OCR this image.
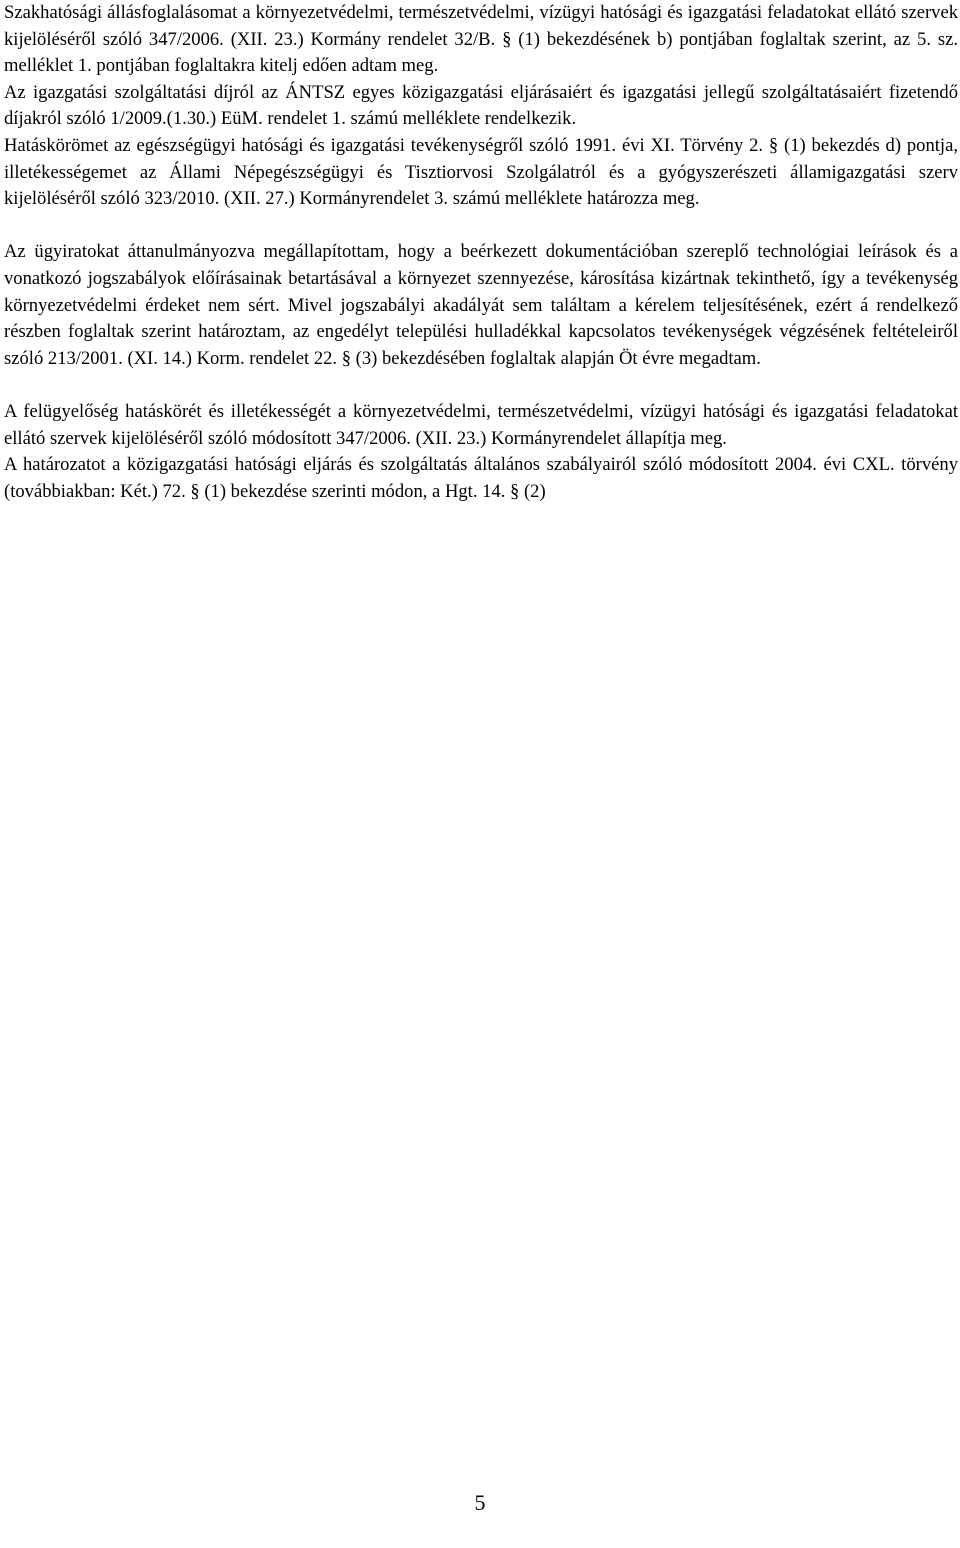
Szakhatósági állásfoglalásomat a környezetvédelmi, természetvédelmi, vízügyi hatósági és igazgatási feladatokat ellátó szervek kijelöléséről szóló 347/2006. (XII. 23.) Kormány rendelet 32/B. § (1) bekezdésének b) pontjában foglaltak szerint, az 5. sz. melléklet 1. pontjában foglaltakra kitelj edően adtam meg.

Az igazgatási szolgáltatási díjról az ÁNTSZ egyes közigazgatási eljárásaiért és igazgatási jellegű szolgáltatásaiért fizetendő díjakról szóló 1/2009.(1.30.) EüM. rendelet 1. számú melléklete rendelkezik.

Hatáskörömet az egészségügyi hatósági és igazgatási tevékenységről szóló 1991. évi XI. Törvény 2. § (1) bekezdés d) pontja, illetékességemet az Állami Népegészségügyi és Tisztiorvosi Szolgálatról és a gyógyszerészeti államigazgatási szerv kijelöléséről szóló 323/2010. (XII. 27.) Kormányrendelet 3. számú melléklete határozza meg.

Az ügyiratokat áttanulmányozva megállapítottam, hogy a beérkezett dokumentációban szereplő technológiai leírások és a vonatkozó jogszabályok előírásainak betartásával a környezet szennyezése, károsítása kizártnak tekinthető, így a tevékenység környezetvédelmi érdeket nem sért. Mivel jogszabályi akadályát sem találtam a kérelem teljesítésének, ezért á rendelkező részben foglaltak szerint határoztam, az engedélyt települési hulladékkal kapcsolatos tevékenységek végzésének feltételeiről szóló 213/2001. (XI. 14.) Korm. rendelet 22. § (3) bekezdésében foglaltak alapján Öt évre megadtam.

A felügyelőség hatáskörét és illetékességét a környezetvédelmi, természetvédelmi, vízügyi hatósági és igazgatási feladatokat ellátó szervek kijelöléséről szóló módosított 347/2006. (XII. 23.) Kormányrendelet állapítja meg.

A határozatot a közigazgatási hatósági eljárás és szolgáltatás általános szabályairól szóló módosított 2004. évi CXL. törvény (továbbiakban: Két.) 72. § (1) bekezdése szerinti módon, a Hgt. 14. § (2)

5
